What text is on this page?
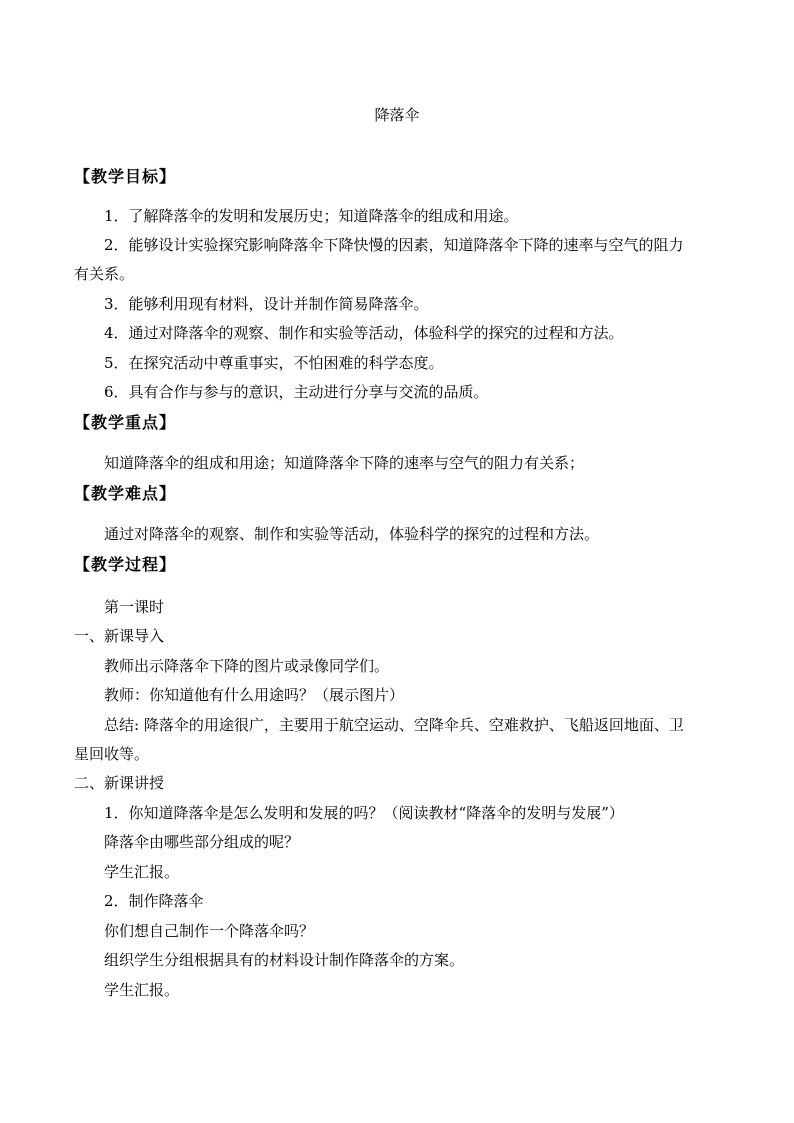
降落伞
【教学目标】
1．了解降落伞的发明和发展历史；知道降落伞的组成和用途。
2．能够设计实验探究影响降落伞下降快慢的因素，知道降落伞下降的速率与空气的阻力
有关系。
3．能够利用现有材料，设计并制作简易降落伞。
4．通过对降落伞的观察、制作和实验等活动，体验科学的探究的过程和方法。
5．在探究活动中尊重事实，不怕困难的科学态度。
6．具有合作与参与的意识，主动进行分享与交流的品质。
【教学重点】
知道降落伞的组成和用途；知道降落伞下降的速率与空气的阻力有关系；
【教学难点】
通过对降落伞的观察、制作和实验等活动，体验科学的探究的过程和方法。
【教学过程】
第一课时
一、新课导入
教师出示降落伞下降的图片或录像同学们。
教师：你知道他有什么用途吗？（展示图片）
总结: 降落伞的用途很广，主要用于航空运动、空降伞兵、空难救护、飞船返回地面、卫
星回收等。
二、新课讲授
1．你知道降落伞是怎么发明和发展的吗？（阅读教材“降落伞的发明与发展”）
降落伞由哪些部分组成的呢？
学生汇报。
2．制作降落伞
你们想自己制作一个降落伞吗？
组织学生分组根据具有的材料设计制作降落伞的方案。
学生汇报。
